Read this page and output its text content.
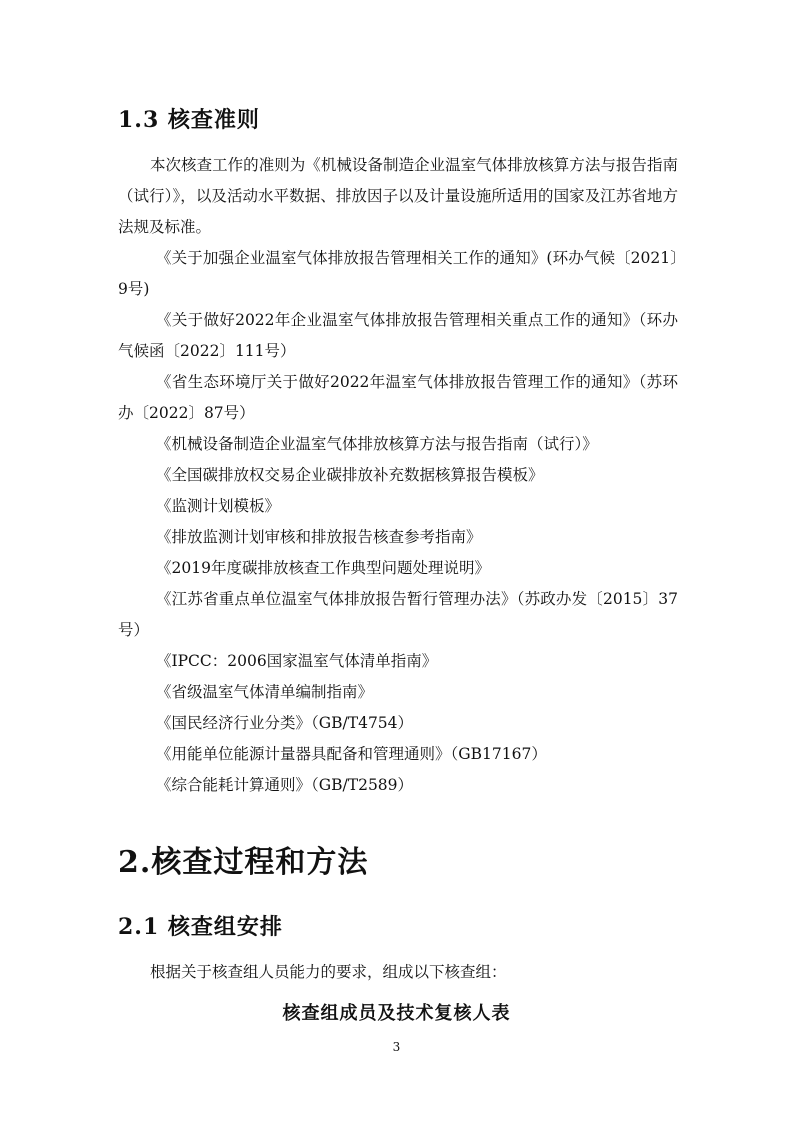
1.3 核查准则
本次核查工作的准则为《机械设备制造企业温室气体排放核算方法与报告指南（试行）》，以及活动水平数据、排放因子以及计量设施所适用的国家及江苏省地方法规及标准。

《关于加强企业温室气体排放报告管理相关工作的通知》(环办气候〔2021〕9号)

《关于做好2022年企业温室气体排放报告管理相关重点工作的通知》（环办气候函〔2022〕111号）

《省生态环境厅关于做好2022年温室气体排放报告管理工作的通知》（苏环办〔2022〕87号）

《机械设备制造企业温室气体排放核算方法与报告指南（试行）》

《全国碳排放权交易企业碳排放补充数据核算报告模板》

《监测计划模板》

《排放监测计划审核和排放报告核查参考指南》

《2019年度碳排放核查工作典型问题处理说明》

《江苏省重点单位温室气体排放报告暂行管理办法》（苏政办发〔2015〕37号）

《IPCC：2006国家温室气体清单指南》

《省级温室气体清单编制指南》

《国民经济行业分类》（GB/T4754）

《用能单位能源计量器具配备和管理通则》（GB17167）

《综合能耗计算通则》（GB/T2589）

2.核查过程和方法
2.1 核查组安排
根据关于核查组人员能力的要求，组成以下核查组：
核查组成员及技术复核人表
3
